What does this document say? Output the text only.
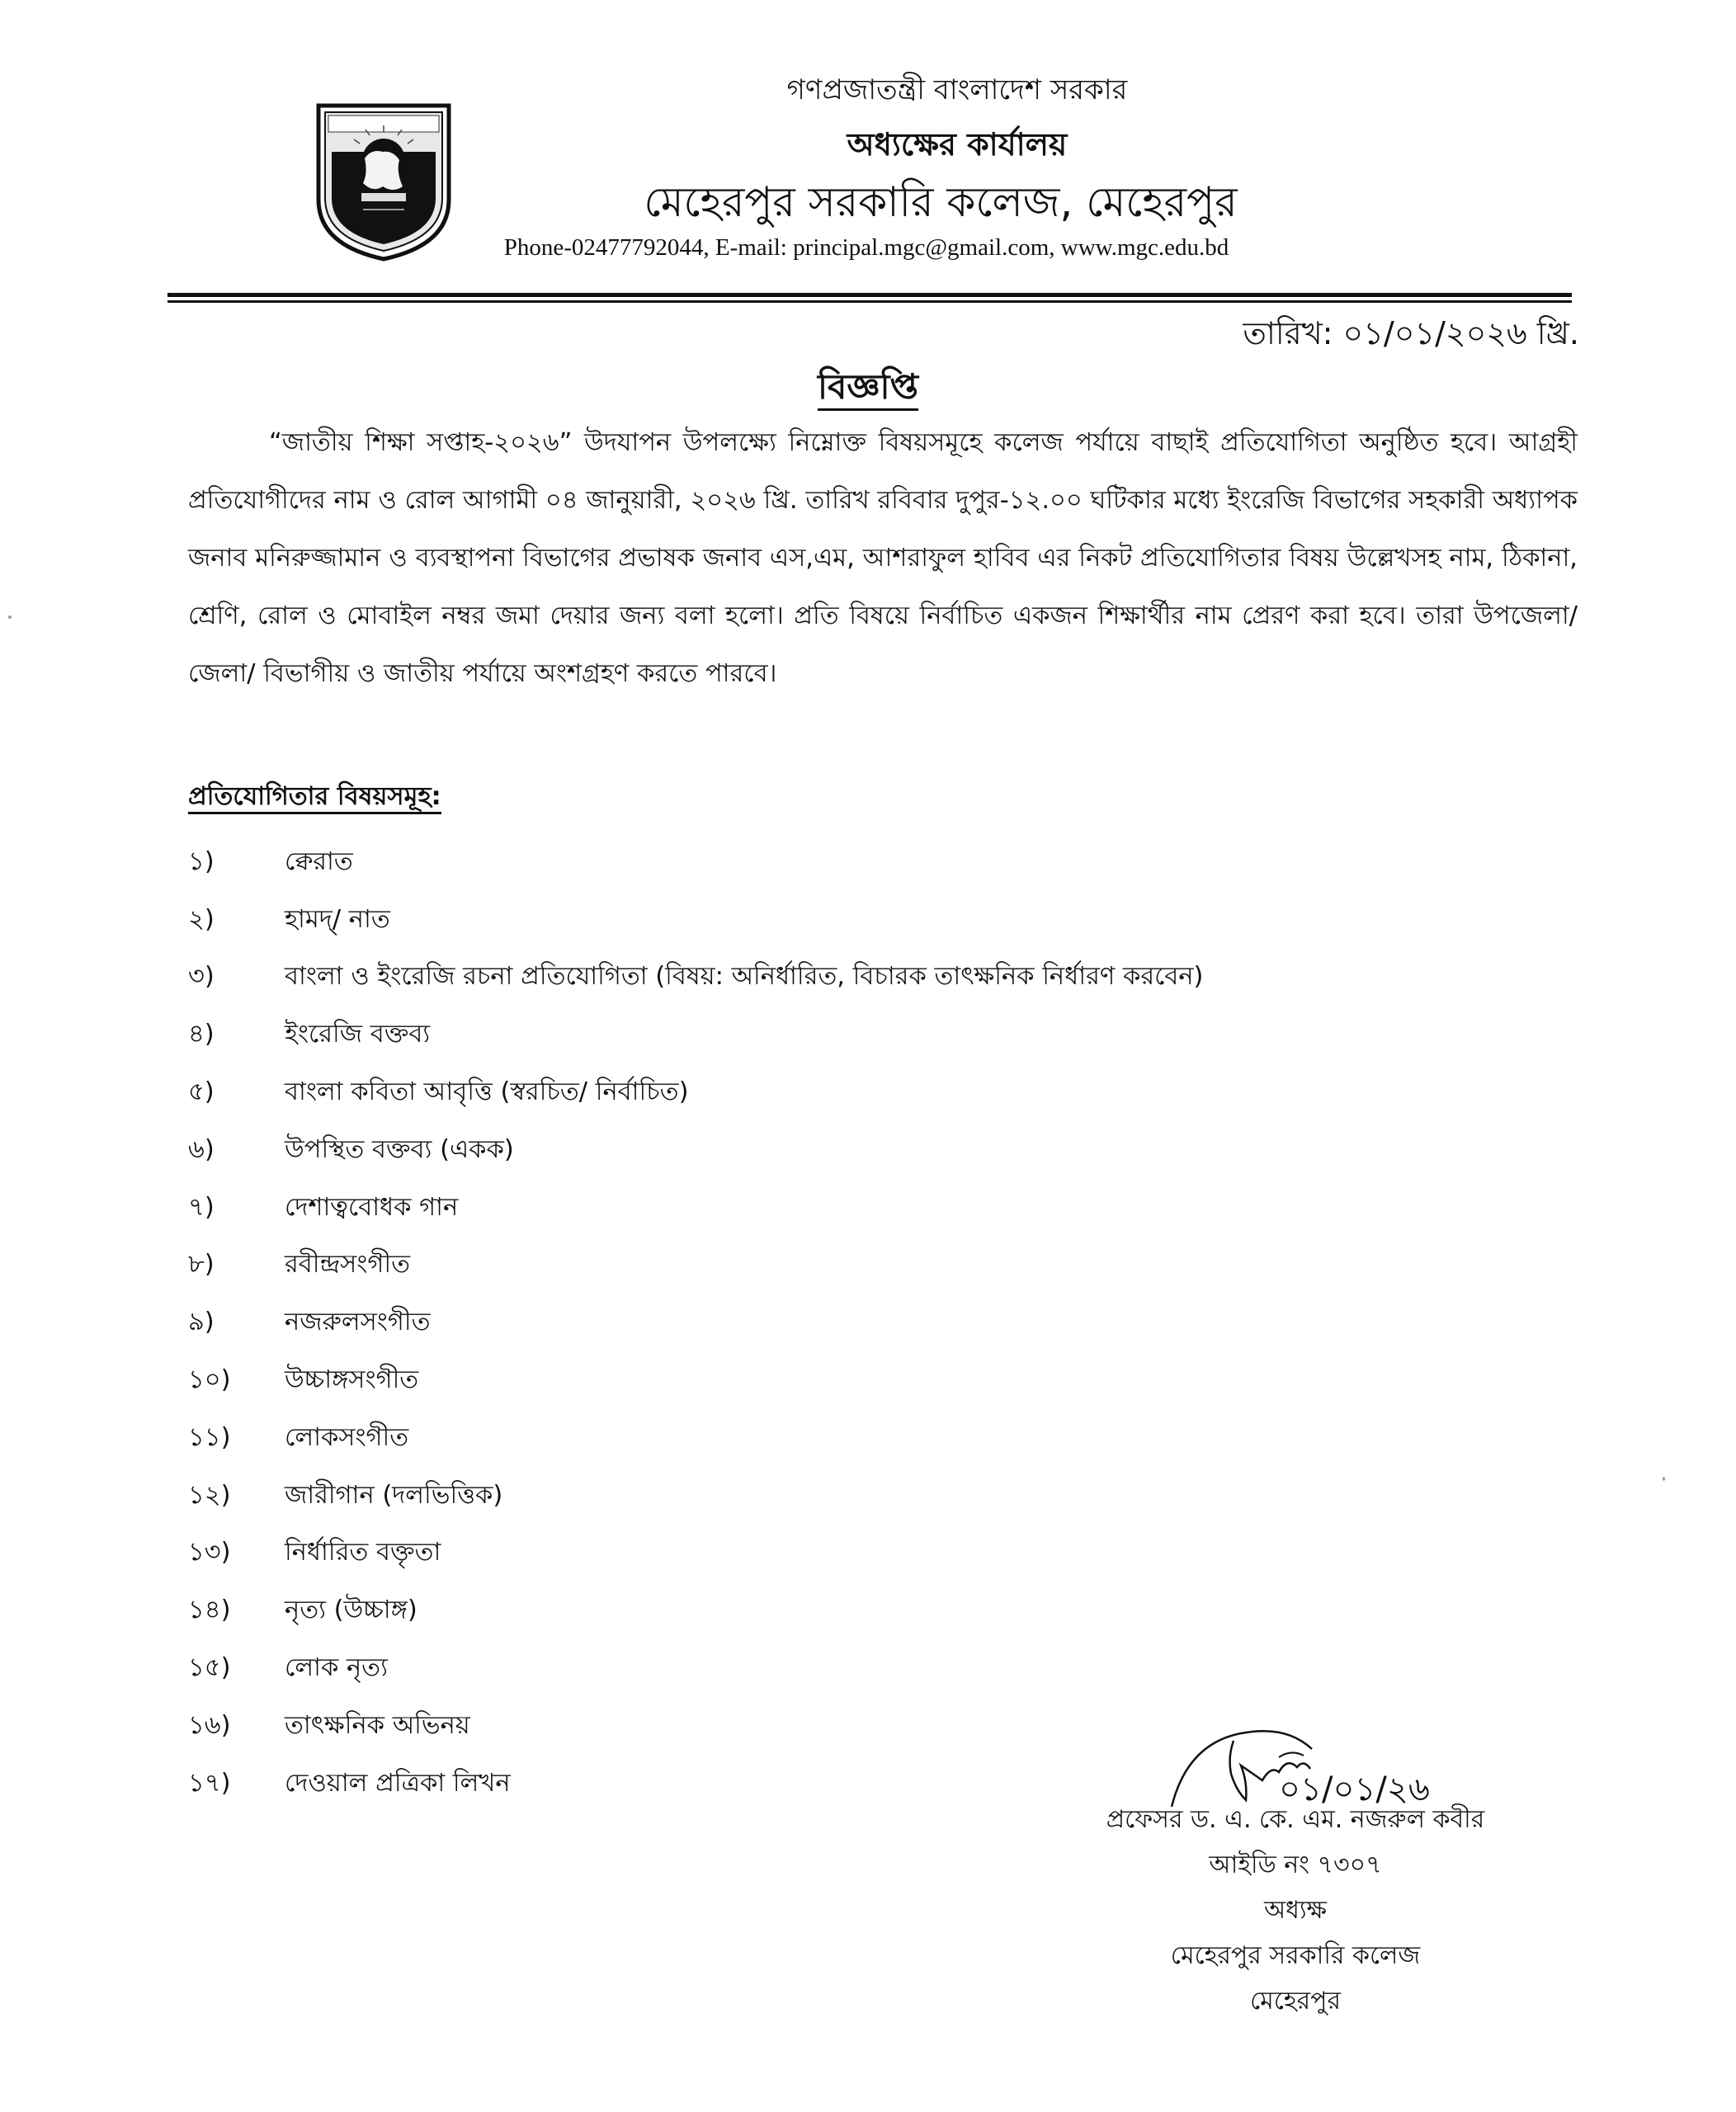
গণপ্রজাতন্ত্রী বাংলাদেশ সরকার
অধ্যক্ষের কার্যালয়
মেহেরপুর সরকারি কলেজ, মেহেরপুর
Phone-02477792044, E-mail: principal.mgc@gmail.com, www.mgc.edu.bd
তারিখ: ০১/০১/২০২৬ খ্রি.
বিজ্ঞপ্তি
“জাতীয় শিক্ষা সপ্তাহ-২০২৬” উদযাপন উপলক্ষ্যে নিম্নোক্ত বিষয়সমূহে কলেজ পর্যায়ে বাছাই প্রতিযোগিতা অনুষ্ঠিত হবে। আগ্রহী প্রতিযোগীদের নাম ও রোল আগামী ০৪ জানুয়ারী, ২০২৬ খ্রি. তারিখ রবিবার দুপুর-১২.০০ ঘটিকার মধ্যে ইংরেজি বিভাগের সহকারী অধ্যাপক জনাব মনিরুজ্জামান ও ব্যবস্থাপনা বিভাগের প্রভাষক জনাব এস,এম, আশরাফুল হাবিব এর নিকট প্রতিযোগিতার বিষয় উল্লেখসহ নাম, ঠিকানা, শ্রেণি, রোল ও মোবাইল নম্বর জমা দেয়ার জন্য বলা হলো। প্রতি বিষয়ে নির্বাচিত একজন শিক্ষার্থীর নাম প্রেরণ করা হবে। তারা উপজেলা/ জেলা/ বিভাগীয় ও জাতীয় পর্যায়ে অংশগ্রহণ করতে পারবে।
প্রতিযোগিতার বিষয়সমূহ:
১)	ক্বেরাত
২)	হামদ্/ নাত
৩)	বাংলা ও ইংরেজি রচনা প্রতিযোগিতা (বিষয়: অনির্ধারিত, বিচারক তাৎক্ষনিক নির্ধারণ করবেন)
৪)	ইংরেজি বক্তব্য
৫)	বাংলা কবিতা আবৃত্তি (স্বরচিত/ নির্বাচিত)
৬)	উপস্থিত বক্তব্য (একক)
৭)	দেশাত্ববোধক গান
৮)	রবীন্দ্রসংগীত
৯)	নজরুলসংগীত
১০)	উচ্চাঙ্গসংগীত
১১)	লোকসংগীত
১২)	জারীগান (দলভিত্তিক)
১৩)	নির্ধারিত বক্তৃতা
১৪)	নৃত্য (উচ্চাঙ্গ)
১৫)	লোক নৃত্য
১৬)	তাৎক্ষনিক অভিনয়
১৭)	দেওয়াল প্রত্রিকা লিখন	০১/০১/২৬
প্রফেসর ড. এ. কে. এম. নজরুল কবীর
আইডি নং ৭৩০৭
অধ্যক্ষ
মেহেরপুর সরকারি কলেজ
মেহেরপুর
